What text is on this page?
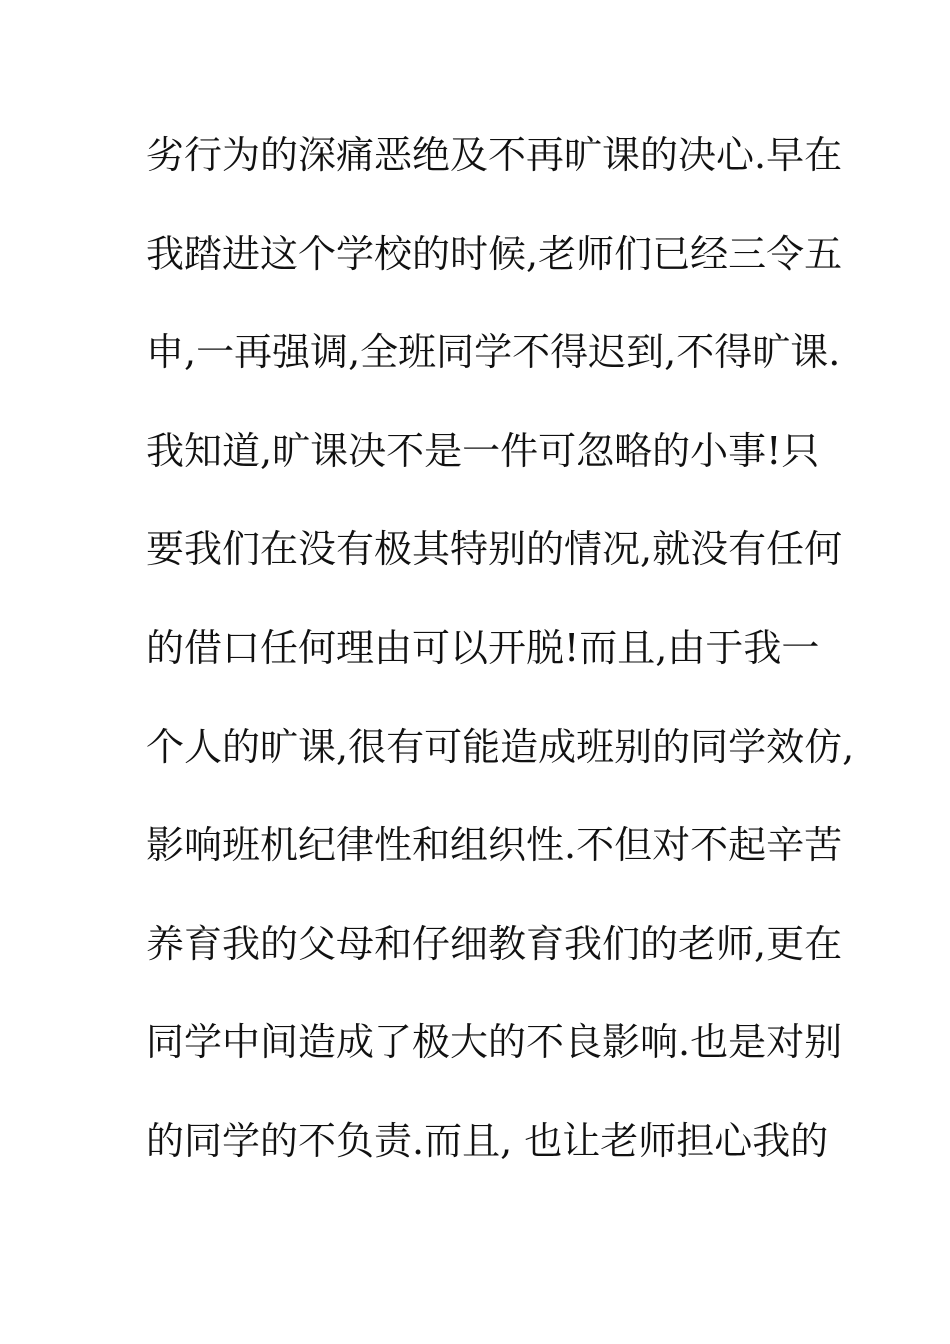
劣行为的深痛恶绝及不再旷课的决心.早在
我踏进这个学校的时候,老师们已经三令五
申,一再强调,全班同学不得迟到,不得旷课.
我知道,旷课决不是一件可忽略的小事!只
要我们在没有极其特别的情况,就没有任何
的借口任何理由可以开脱!而且,由于我一
个人的旷课,很有可能造成班别的同学效仿,
影响班机纪律性和组织性.不但对不起辛苦
养育我的父母和仔细教育我们的老师,更在
同学中间造成了极大的不良影响.也是对别
的同学的不负责.而且, 也让老师担心我的
